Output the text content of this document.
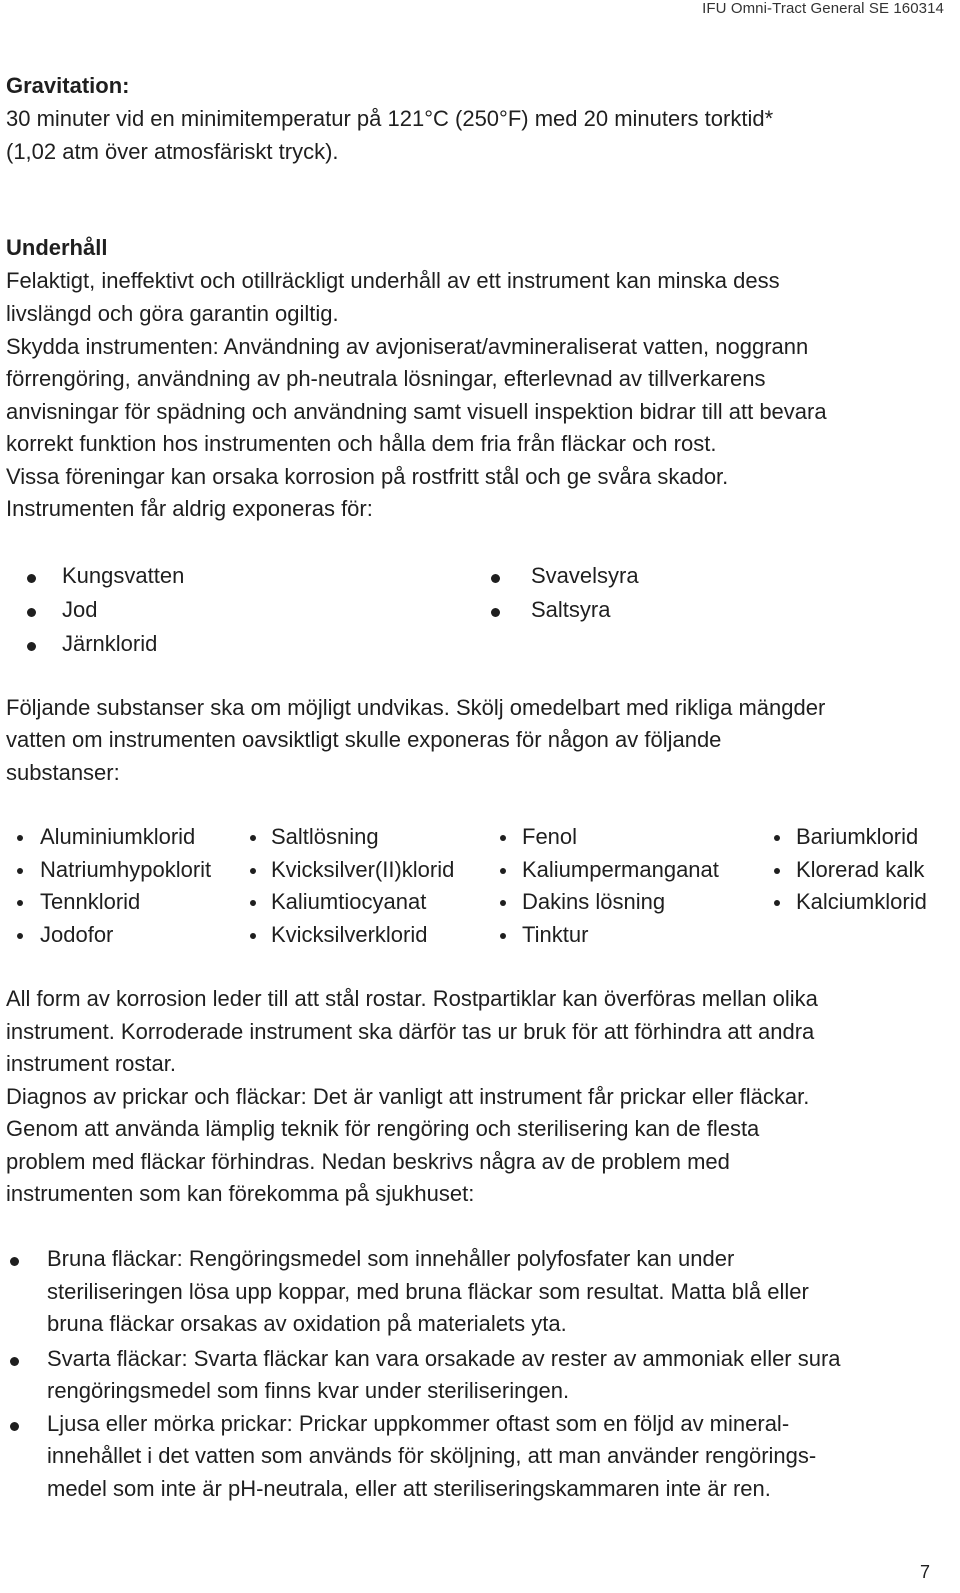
IFU Omni-Tract General SE 160314
Gravitation:
30 minuter vid en minimitemperatur på 121°C (250°F) med 20 minuters torktid*
(1,02 atm över atmosfäriskt tryck).
Underhåll
Felaktigt, ineffektivt och otillräckligt underhåll av ett instrument kan minska dess
livslängd och göra garantin ogiltig.
Skydda instrumenten: Användning av avjoniserat/avmineraliserat vatten, noggrann
förrengöring, användning av ph-neutrala lösningar, efterlevnad av tillverkarens
anvisningar för spädning och användning samt visuell inspektion bidrar till att bevara
korrekt funktion hos instrumenten och hålla dem fria från fläckar och rost.
Vissa föreningar kan orsaka korrosion på rostfritt stål och ge svåra skador.
Instrumenten får aldrig exponeras för:
Kungsvatten
Jod
Järnklorid
Svavelsyra
Saltsyra
Följande substanser ska om möjligt undvikas. Skölj omedelbart med rikliga mängder
vatten om instrumenten oavsiktligt skulle exponeras för någon av följande
substanser:
Aluminiumklorid
Natriumhypoklorit
Tennklorid
Jodofor
Saltlösning
Kvicksilver(II)klorid
Kaliumtiocyanat
Kvicksilverklorid
Fenol
Kaliumpermanganat
Dakins lösning
Tinktur
Bariumklorid
Klorerad kalk
Kalciumklorid
All form av korrosion leder till att stål rostar. Rostpartiklar kan överföras mellan olika
instrument. Korroderade instrument ska därför tas ur bruk för att förhindra att andra
instrument rostar.
Diagnos av prickar och fläckar: Det är vanligt att instrument får prickar eller fläckar.
Genom att använda lämplig teknik för rengöring och sterilisering kan de flesta
problem med fläckar förhindras. Nedan beskrivs några av de problem med
instrumenten som kan förekomma på sjukhuset:
Bruna fläckar: Rengöringsmedel som innehåller polyfosfater kan under
steriliseringen lösa upp koppar, med bruna fläckar som resultat. Matta blå eller
bruna fläckar orsakas av oxidation på materialets yta.
Svarta fläckar: Svarta fläckar kan vara orsakade av rester av ammoniak eller sura
rengöringsmedel som finns kvar under steriliseringen.
Ljusa eller mörka prickar: Prickar uppkommer oftast som en följd av mineral-
innehållet i det vatten som används för sköljning, att man använder rengörings-
medel som inte är pH-neutrala, eller att steriliseringskammaren inte är ren.
7
